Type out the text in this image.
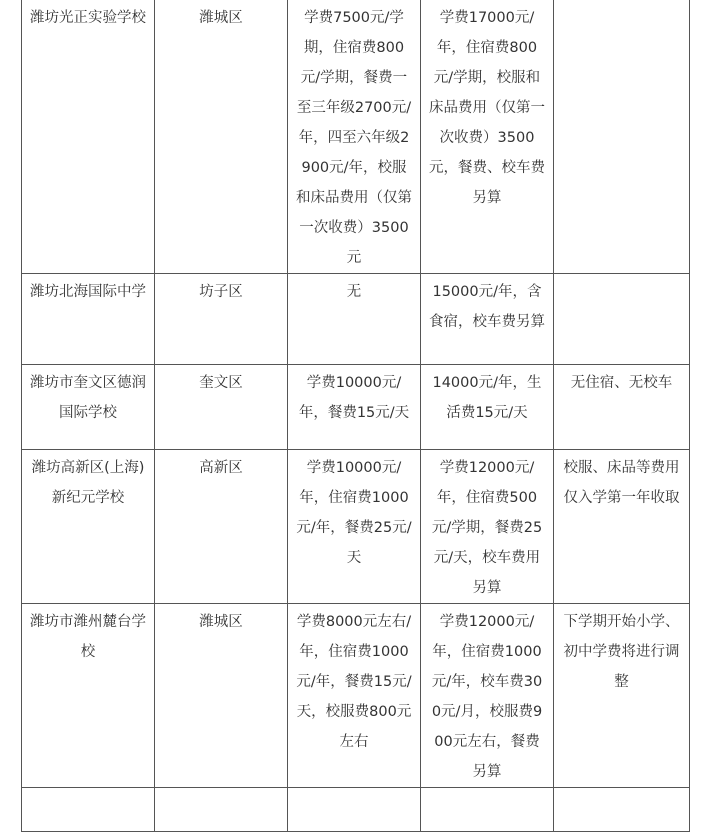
潍坊光正实验学校	潍城区	学费7500元/学期，住宿费800元/学期，餐费一至三年级2700元/年，四至六年级2900元/年，校服和床品费用（仅第一次收费）3500元	学费17000元/年，住宿费800元/学期，校服和床品费用（仅第一次收费）3500元，餐费、校车费另算	
潍坊北海国际中学	坊子区	无	15000元/年，含食宿，校车费另算	
潍坊市奎文区德润国际学校	奎文区	学费10000元/年，餐费15元/天	14000元/年，生活费15元/天	无住宿、无校车
潍坊高新区(上海)新纪元学校	高新区	学费10000元/年，住宿费1000元/年，餐费25元/天	学费12000元/年，住宿费500元/学期，餐费25元/天，校车费用另算	校服、床品等费用仅入学第一年收取
潍坊市潍州麓台学校	潍城区	学费8000元左右/年，住宿费1000元/年，餐费15元/天，校服费800元左右	学费12000元/年，住宿费1000元/年，校车费300元/月，校服费900元左右，餐费另算	下学期开始小学、初中学费将进行调整
